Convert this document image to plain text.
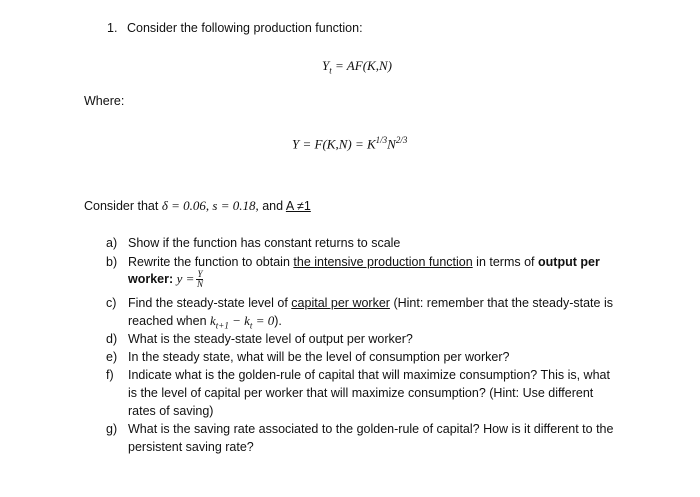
1. Consider the following production function:
$Y_t = AF(K,N)$
Where:
$Y = F(K,N) = K^{1/3}N^{2/3}$
Consider that δ = 0.06, s = 0.18, and A ≠1
a) Show if the function has constant returns to scale
b) Rewrite the function to obtain the intensive production function in terms of output per
worker: $y = \frac{Y}{N}$
c) Find the steady-state level of capital per worker (Hint: remember that the steady-state is
reached when $k_{t+1} - k_t = 0$).
d) What is the steady-state level of output per worker?
e) In the steady state, what will be the level of consumption per worker?
f) Indicate what is the golden-rule of capital that will maximize consumption? This is, what
is the level of capital per worker that will maximize consumption? (Hint: Use different
rates of saving)
g) What is the saving rate associated to the golden-rule of capital? How is it different to the
persistent saving rate?
